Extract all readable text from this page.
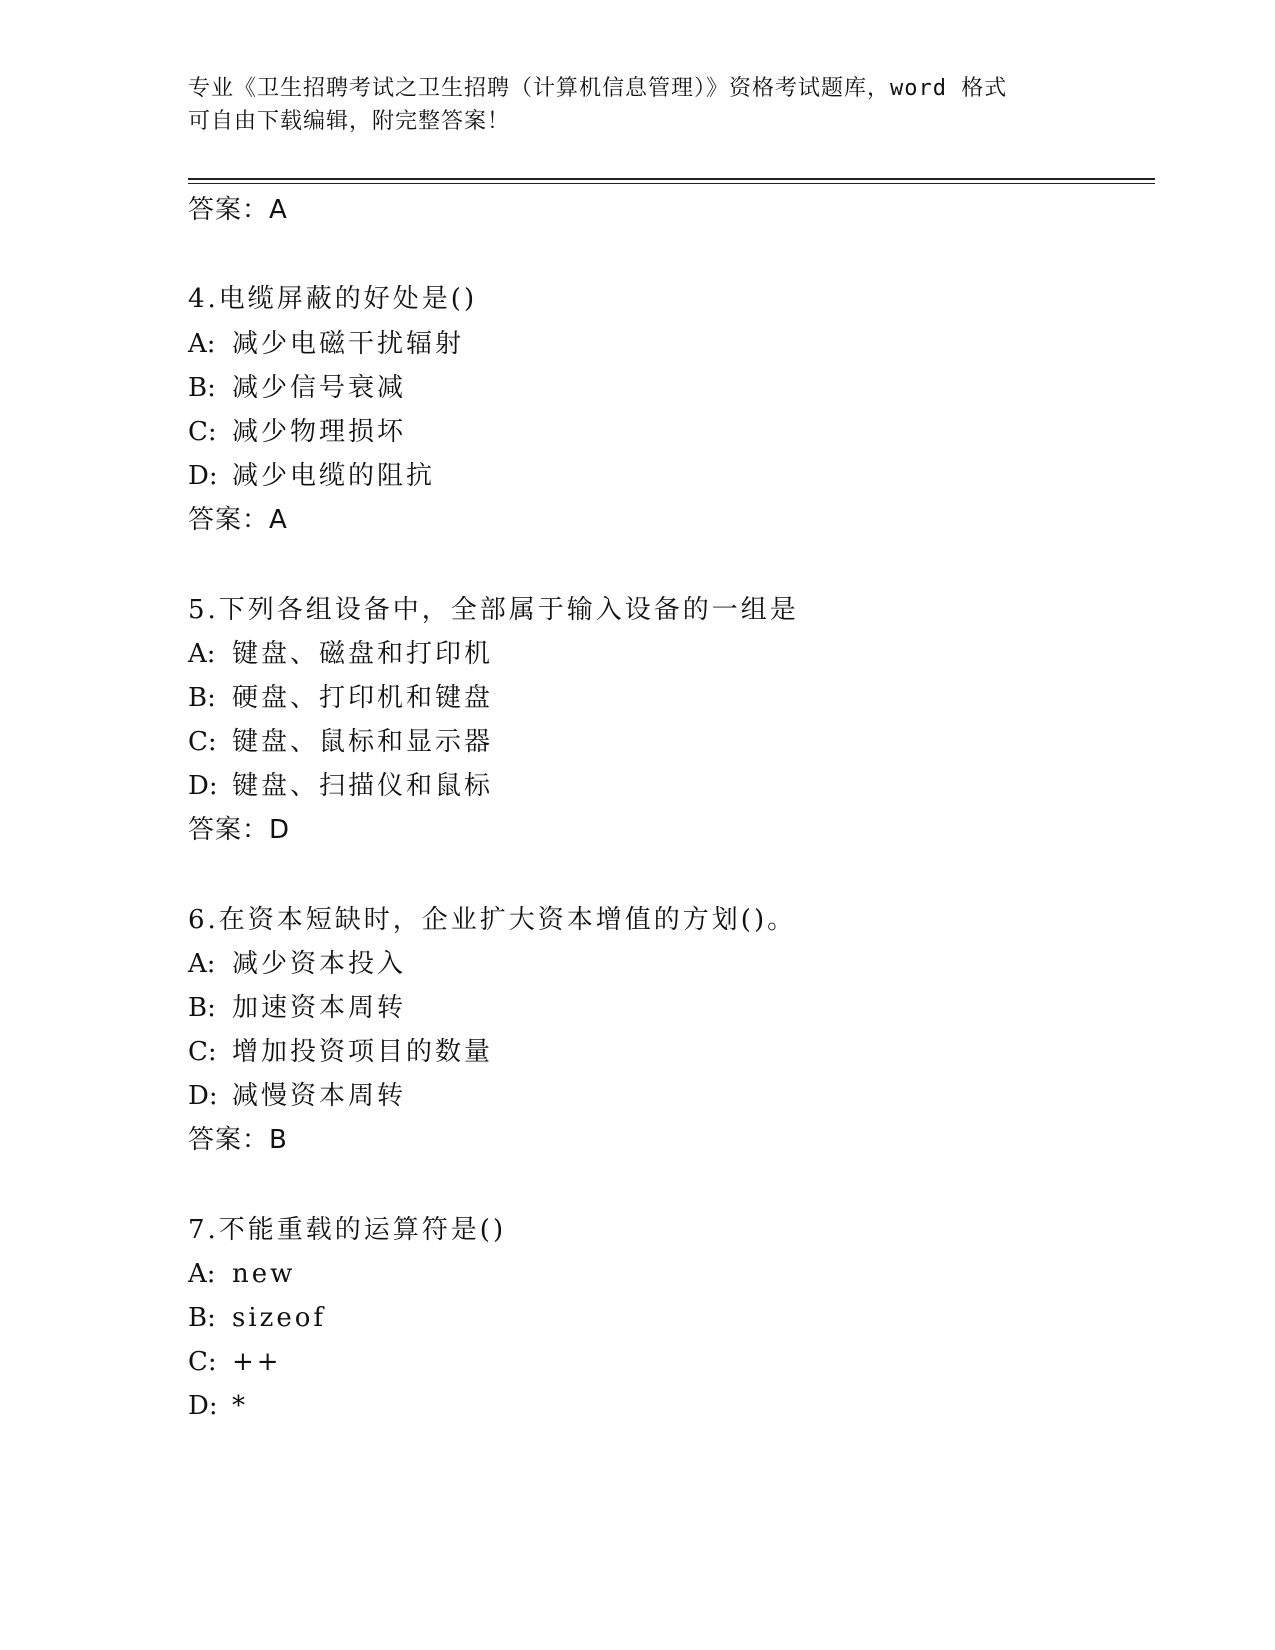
专业《卫生招聘考试之卫生招聘（计算机信息管理）》资格考试题库，word 格式
可自由下载编辑，附完整答案！
答案：A
4.电缆屏蔽的好处是()
A: 减少电磁干扰辐射
B: 减少信号衰减
C: 减少物理损坏
D: 减少电缆的阻抗
答案：A
5.下列各组设备中，全部属于输入设备的一组是
A: 键盘、磁盘和打印机
B: 硬盘、打印机和键盘
C: 键盘、鼠标和显示器
D: 键盘、扫描仪和鼠标
答案：D
6.在资本短缺时，企业扩大资本增值的方划()。
A: 减少资本投入
B: 加速资本周转
C: 增加投资项目的数量
D: 减慢资本周转
答案：B
7.不能重载的运算符是()
A: new
B: sizeof
C: ++
D: *
